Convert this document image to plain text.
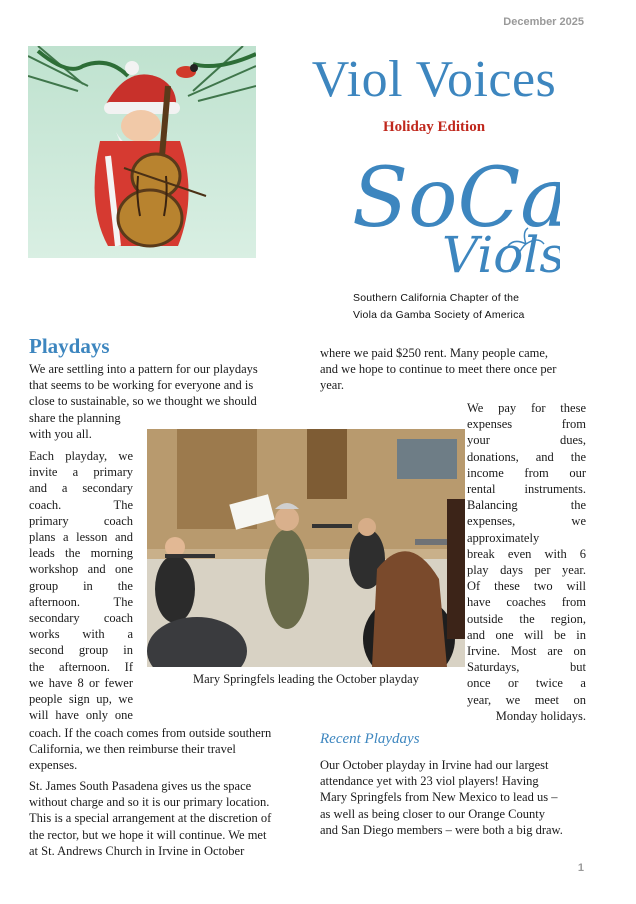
December 2025
Viol Voices
Holiday Edition
SoC
Viols
Southern California Chapter of the
Viola da Gamba Society of America
Playdays
We are settling into a pattern for our playdays
that seems to be working for everyone and is
close to sustainable, so we thought we should
share the planning
with you all.
Each playday, we
invite a primary
and a secondary
coach. The
primary coach
plans a lesson and
leads the morning
workshop and one
group in the
afternoon. The
secondary coach
works with a
second group in
the afternoon. If
we have 8 or fewer
people sign up, we
will have only one
coach. If the coach comes from outside southern
California, we then reimburse their travel
expenses.
St. James South Pasadena gives us the space
without charge and so it is our primary location.
This is a special arrangement at the discretion of
the rector, but we hope it will continue. We met
at St. Andrews Church in Irvine in October
where we paid $250 rent. Many people came,
and we hope to continue to meet there once per
year.
We pay for these
expenses from
your dues,
donations, and the
income from our
rental instruments.
Balancing the
expenses, we
approximately
break even with 6
play days per year.
Of these two will
have coaches from
outside the region,
and one will be in
Irvine. Most are on
Saturdays, but
once or twice a
year, we meet on
Monday holidays.
Mary Springfels leading the October playday
Recent Playdays
Our October playday in Irvine had our largest
attendance yet with 23 viol players! Having
Mary Springfels from New Mexico to lead us –
as well as being closer to our Orange County
and San Diego members – were both a big draw.
1
